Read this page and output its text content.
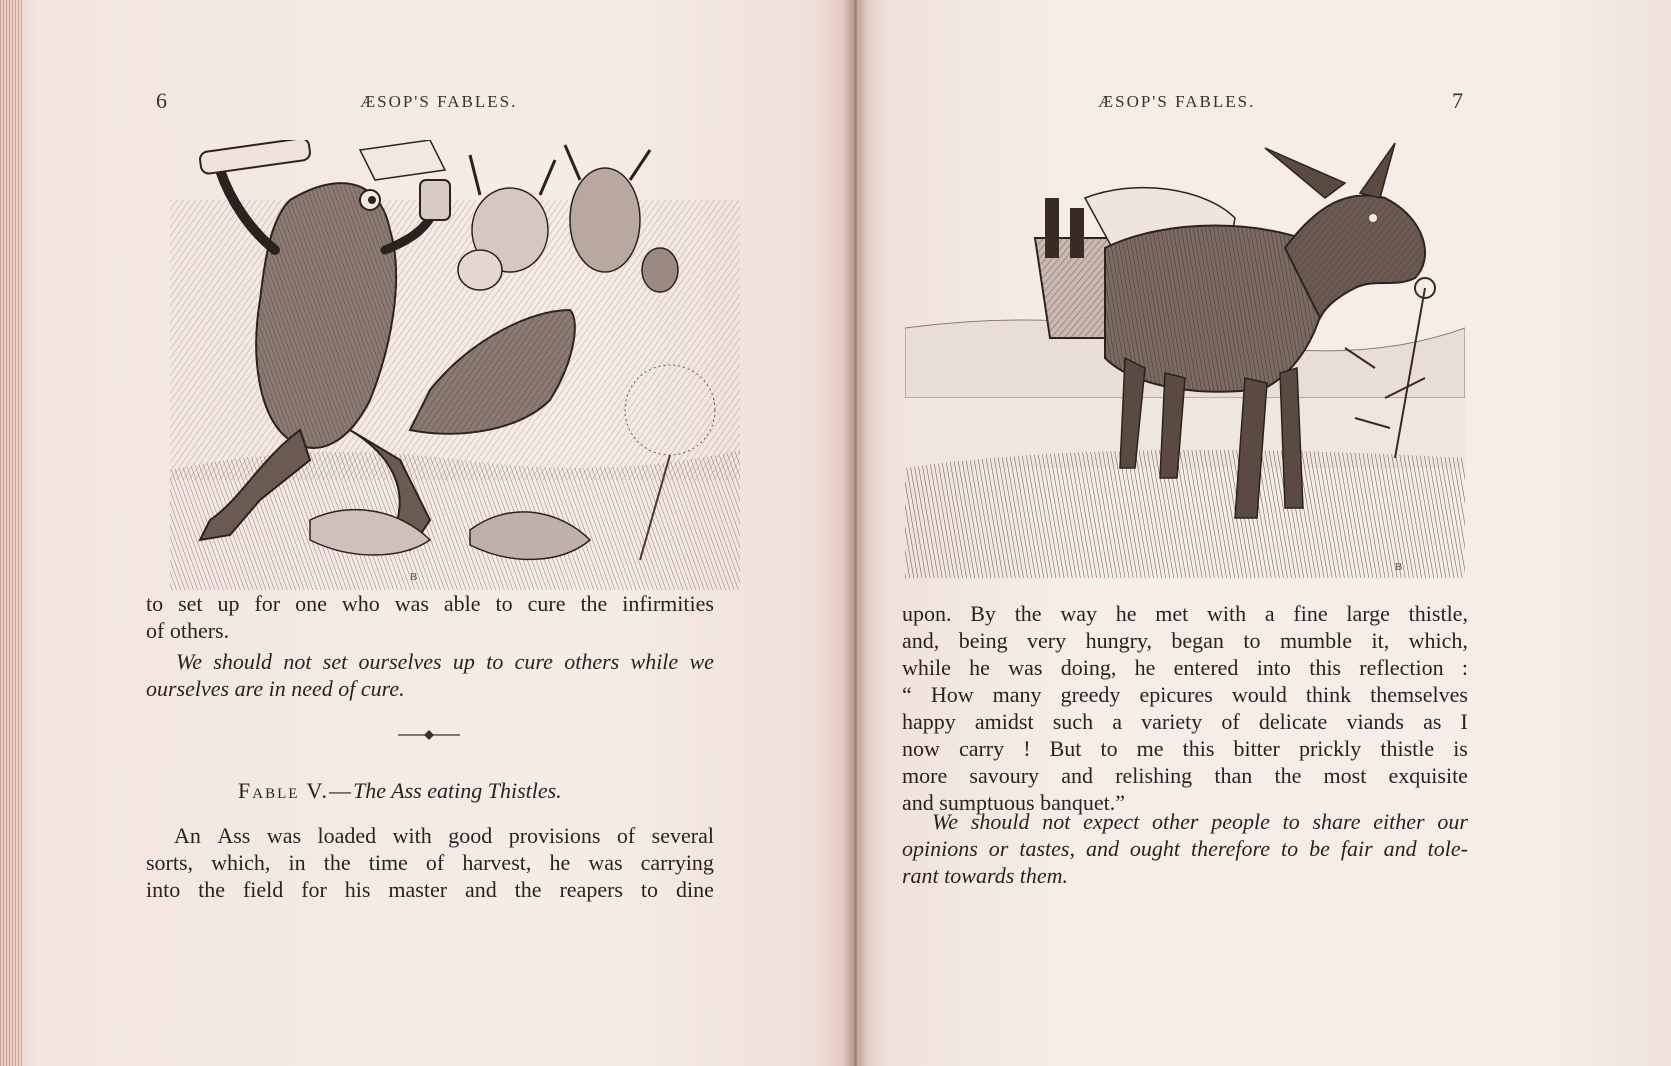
6	ÆSOP'S FABLES.
B
to set up for one who was able to cure the infirmities
of others.
We should not set ourselves up to cure others while we
ourselves are in need of cure.
Fable V.—The Ass eating Thistles.
An Ass was loaded with good provisions of several
sorts, which, in the time of harvest, he was carrying
into the field for his master and the reapers to dine
ÆSOP'S FABLES.	7
B
upon. By the way he met with a fine large thistle,
and, being very hungry, began to mumble it, which,
while he was doing, he entered into this reflection :
“ How many greedy epicures would think themselves
happy amidst such a variety of delicate viands as I
now carry ! But to me this bitter prickly thistle is
more savoury and relishing than the most exquisite
and sumptuous banquet.”
We should not expect other people to share either our
opinions or tastes, and ought therefore to be fair and tole-
rant towards them.
